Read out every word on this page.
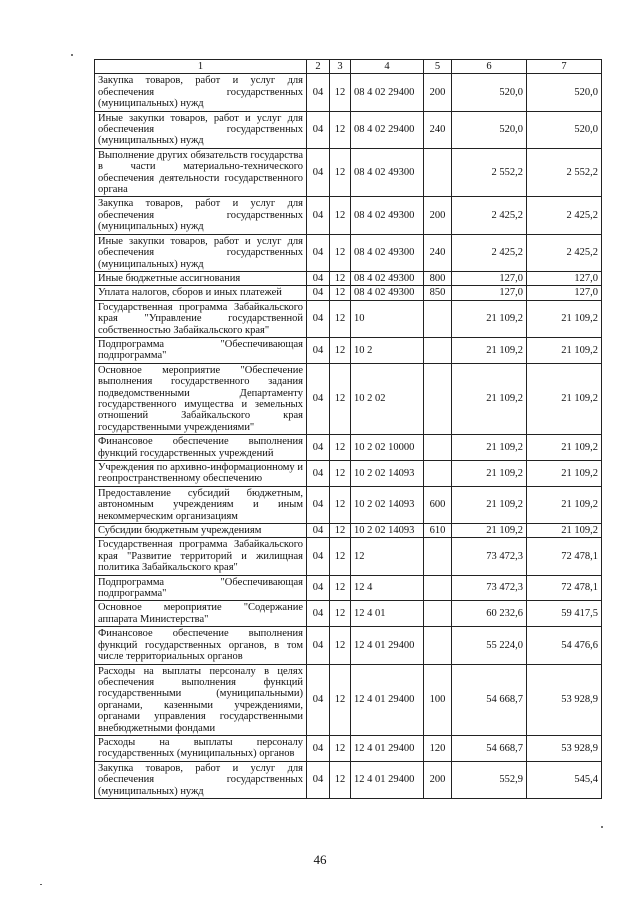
1	2	3	4	5	6	7
Закупка товаров, работ и услуг для обеспечения государственных (муниципальных) нужд	04	12	08 4 02 29400	200	520,0	520,0
Иные закупки товаров, работ и услуг для обеспечения государственных (муниципальных) нужд	04	12	08 4 02 29400	240	520,0	520,0
Выполнение других обязательств государства в части материально-технического обеспечения деятельности государственного органа	04	12	08 4 02 49300		2 552,2	2 552,2
Закупка товаров, работ и услуг для обеспечения государственных (муниципальных) нужд	04	12	08 4 02 49300	200	2 425,2	2 425,2
Иные закупки товаров, работ и услуг для обеспечения государственных (муниципальных) нужд	04	12	08 4 02 49300	240	2 425,2	2 425,2
Иные бюджетные ассигнования	04	12	08 4 02 49300	800	127,0	127,0
Уплата налогов, сборов и иных платежей	04	12	08 4 02 49300	850	127,0	127,0
Государственная программа Забайкальского края "Управление государственной собственностью Забайкальского края"	04	12	10		21 109,2	21 109,2
Подпрограмма "Обеспечивающая подпрограмма"	04	12	10 2		21 109,2	21 109,2
Основное мероприятие "Обеспечение выполнения государственного задания подведомственными Департаменту государственного имущества и земельных отношений Забайкальского края государственными учреждениями"	04	12	10 2 02		21 109,2	21 109,2
Финансовое обеспечение выполнения функций государственных учреждений	04	12	10 2 02 10000		21 109,2	21 109,2
Учреждения по архивно-информационному и геопространственному обеспечению	04	12	10 2 02 14093		21 109,2	21 109,2
Предоставление субсидий бюджетным, автономным учреждениям и иным некоммерческим организациям	04	12	10 2 02 14093	600	21 109,2	21 109,2
Субсидии бюджетным учреждениям	04	12	10 2 02 14093	610	21 109,2	21 109,2
Государственная программа Забайкальского края "Развитие территорий и жилищная политика Забайкальского края"	04	12	12		73 472,3	72 478,1
Подпрограмма "Обеспечивающая подпрограмма"	04	12	12 4		73 472,3	72 478,1
Основное мероприятие "Содержание аппарата Министерства"	04	12	12 4 01		60 232,6	59 417,5
Финансовое обеспечение выполнения функций государственных органов, в том числе территориальных органов	04	12	12 4 01 29400		55 224,0	54 476,6
Расходы на выплаты персоналу в целях обеспечения выполнения функций государственными (муниципальными) органами, казенными учреждениями, органами управления государственными внебюджетными фондами	04	12	12 4 01 29400	100	54 668,7	53 928,9
Расходы на выплаты персоналу государственных (муниципальных) органов	04	12	12 4 01 29400	120	54 668,7	53 928,9
Закупка товаров, работ и услуг для обеспечения государственных (муниципальных) нужд	04	12	12 4 01 29400	200	552,9	545,4
46
